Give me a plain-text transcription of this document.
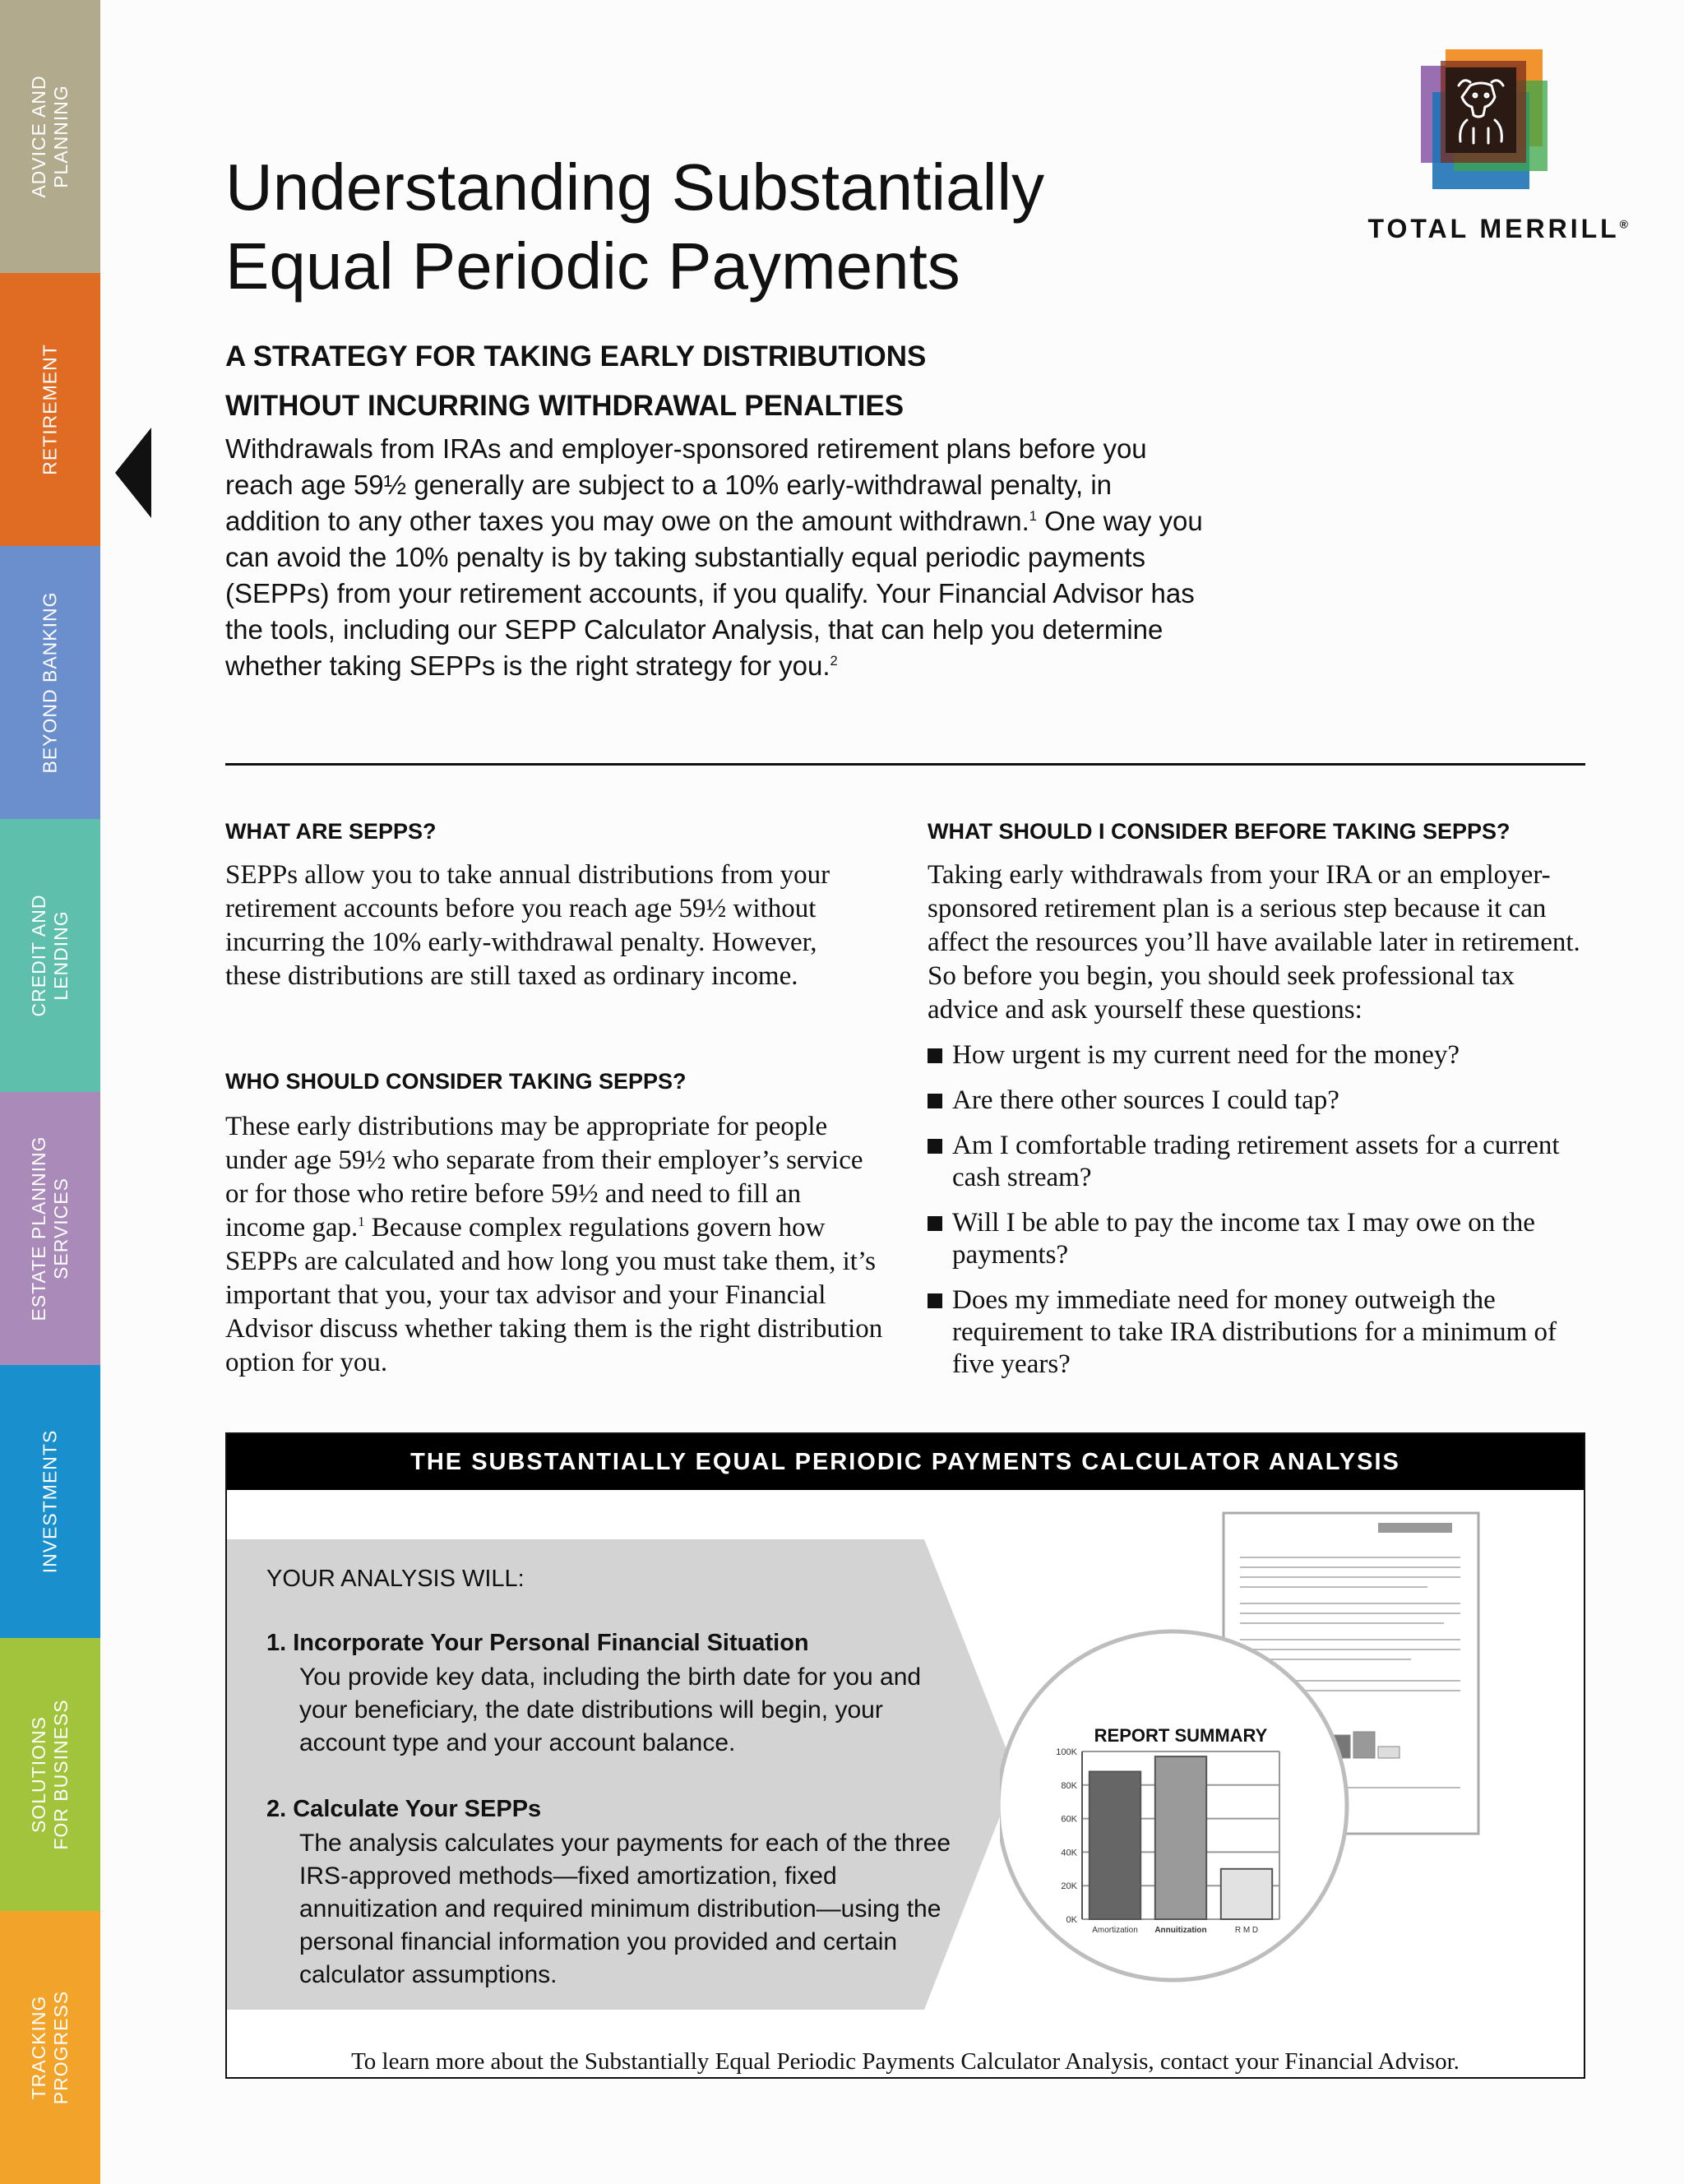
ADVICE AND
PLANNING
RETIREMENT
BEYOND BANKING
CREDIT AND
LENDING
ESTATE PLANNING
SERVICES
INVESTMENTS
SOLUTIONS
FOR BUSINESS
TRACKING
PROGRESS
Understanding Substantially
Equal Periodic Payments
TOTAL MERRILL®
A STRATEGY FOR TAKING EARLY DISTRIBUTIONS
WITHOUT INCURRING WITHDRAWAL PENALTIES

Withdrawals from IRAs and employer-sponsored retirement plans before you reach age 59½ generally are subject to a 10% early-withdrawal penalty, in addition to any other taxes you may owe on the amount withdrawn.$^1$ One way you can avoid the 10% penalty is by taking substantially equal periodic payments (SEPPs) from your retirement accounts, if you qualify. Your Financial Advisor has the tools, including our SEPP Calculator Analysis, that can help you determine whether taking SEPPs is the right strategy for you.$^2$

WHAT ARE SEPPS?

SEPPs allow you to take annual distributions from your retirement accounts before you reach age 59½ without incurring the 10% early-withdrawal penalty. However, these distributions are still taxed as ordinary income.

WHO SHOULD CONSIDER TAKING SEPPS?

These early distributions may be appropriate for people under age 59½ who separate from their employer’s service or for those who retire before 59½ and need to fill an income gap.$^1$ Because complex regulations govern how SEPPs are calculated and how long you must take them, it’s important that you, your tax advisor and your Financial Advisor discuss whether taking them is the right distribution option for you.

WHAT SHOULD I CONSIDER BEFORE TAKING SEPPS?

Taking early withdrawals from your IRA or an employer-sponsored retirement plan is a serious step because it can affect the resources you’ll have available later in retirement. So before you begin, you should seek professional tax advice and ask yourself these questions:

How urgent is my current need for the money?
Are there other sources I could tap?
Am I comfortable trading retirement assets for a current cash stream?
Will I be able to pay the income tax I may owe on the payments?
Does my immediate need for money outweigh the requirement to take IRA distributions for a minimum of five years?
THE SUBSTANTIALLY EQUAL PERIODIC PAYMENTS CALCULATOR ANALYSIS

YOUR ANALYSIS WILL:

1. Incorporate Your Personal Financial Situation

You provide key data, including the birth date for you and your beneficiary, the date distributions will begin, your account type and your account balance.

2. Calculate Your SEPPs

The analysis calculates your payments for each of the three IRS-approved methods—fixed amortization, fixed annuitization and required minimum distribution—using the personal financial information you provided and certain calculator assumptions.

REPORT SUMMARY
0K
20K
40K
60K
80K
100K
Amortization Annuitization	R M D

To learn more about the Substantially Equal Periodic Payments Calculator Analysis, contact your Financial Advisor.
